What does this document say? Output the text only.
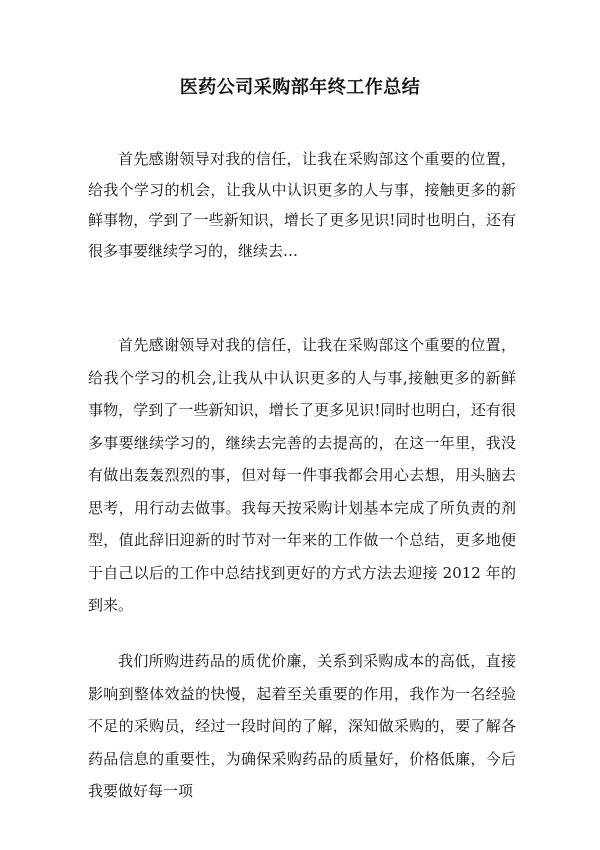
医药公司采购部年终工作总结

首先感谢领导对我的信任，让我在采购部这个重要的位置，给我个学习的机会，让我从中认识更多的人与事，接触更多的新鲜事物，学到了一些新知识，增长了更多见识!同时也明白，还有很多事要继续学习的，继续去…

首先感谢领导对我的信任，让我在采购部这个重要的位置，给我个学习的机会,让我从中认识更多的人与事,接触更多的新鲜事物，学到了一些新知识，增长了更多见识!同时也明白，还有很多事要继续学习的，继续去完善的去提高的，在这一年里，我没有做出轰轰烈烈的事，但对每一件事我都会用心去想，用头脑去思考，用行动去做事。我每天按采购计划基本完成了所负责的剂型，值此辞旧迎新的时节对一年来的工作做一个总结，更多地便于自己以后的工作中总结找到更好的方式方法去迎接 2012 年的到来。

我们所购进药品的质优价廉，关系到采购成本的高低，直接影响到整体效益的快慢，起着至关重要的作用，我作为一名经验不足的采购员，经过一段时间的了解，深知做采购的，要了解各药品信息的重要性，为确保采购药品的质量好，价格低廉，今后我要做好每一项
